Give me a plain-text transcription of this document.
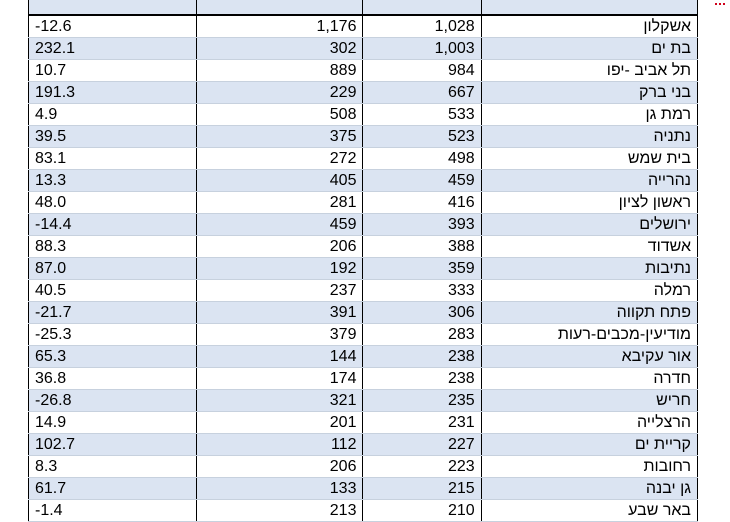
-12.6	1,176	1,028	אשקלון
232.1	302	1,003	בת ים
10.7	889	984	תל אביב -יפו
191.3	229	667	בני ברק
4.9	508	533	רמת גן
39.5	375	523	נתניה
83.1	272	498	בית שמש
13.3	405	459	נהרייה
48.0	281	416	ראשון לציון
-14.4	459	393	ירושלים
88.3	206	388	אשדוד
87.0	192	359	נתיבות
40.5	237	333	רמלה
-21.7	391	306	פתח תקווה
-25.3	379	283	מודיעין-מכבים-רעות
65.3	144	238	אור עקיבא
36.8	174	238	חדרה
-26.8	321	235	חריש
14.9	201	231	הרצלייה
102.7	112	227	קריית ים
8.3	206	223	רחובות
61.7	133	215	גן יבנה
-1.4	213	210	באר שבע
